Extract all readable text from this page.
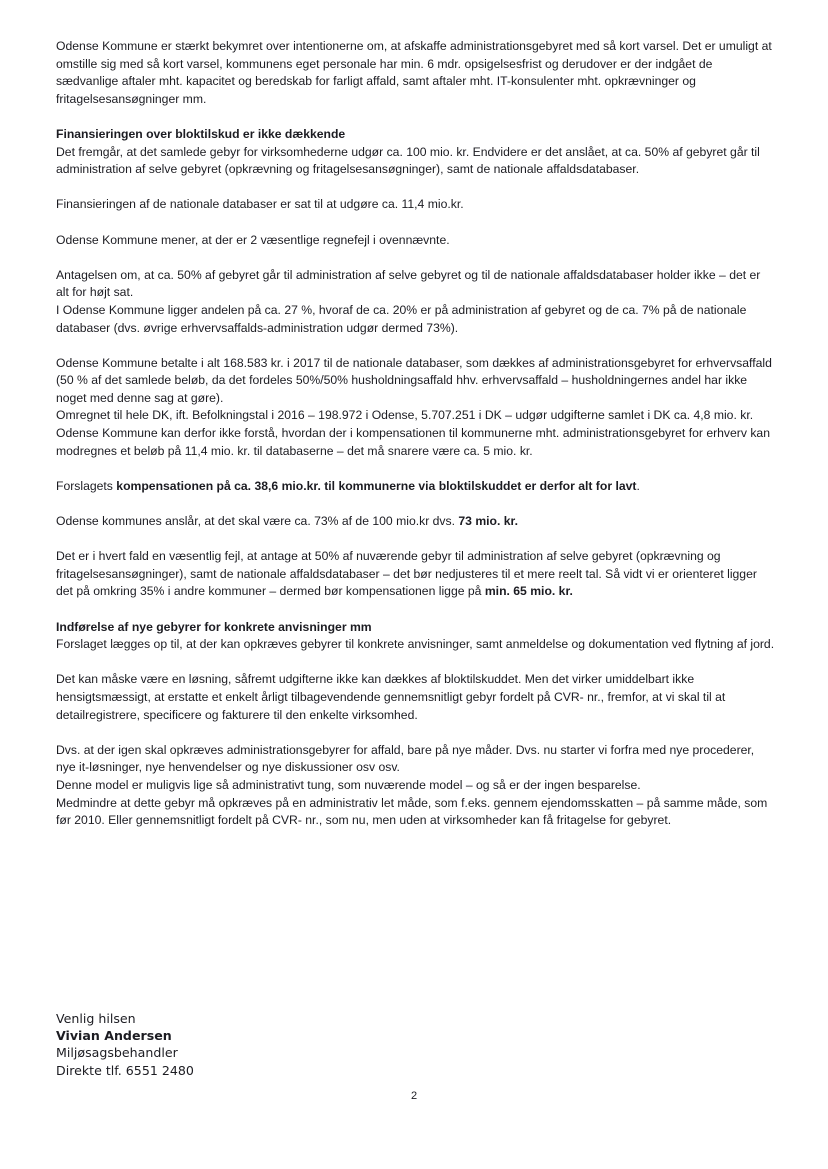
Odense Kommune er stærkt bekymret over intentionerne om, at afskaffe administrationsgebyret med så kort varsel. Det er umuligt at omstille sig med så kort varsel, kommunens eget personale har min. 6 mdr. opsigelsesfrist og derudover er der indgået de sædvanlige aftaler mht. kapacitet og beredskab for farligt affald, samt aftaler mht. IT-konsulenter mht. opkrævninger og fritagelsesansøgninger mm.

Finansieringen over bloktilskud er ikke dækkende

Det fremgår, at det samlede gebyr for virksomhederne udgør ca. 100 mio. kr. Endvidere er det anslået, at ca. 50% af gebyret går til administration af selve gebyret (opkrævning og fritagelsesansøgninger), samt de nationale affaldsdatabaser.

Finansieringen af de nationale databaser er sat til at udgøre ca. 11,4 mio.kr.

Odense Kommune mener, at der er 2 væsentlige regnefejl i ovennævnte.

Antagelsen om, at ca. 50% af gebyret går til administration af selve gebyret og til de nationale affaldsdatabaser holder ikke – det er alt for højt sat.

I Odense Kommune ligger andelen på ca. 27 %, hvoraf de ca. 20% er på administration af gebyret og de ca. 7% på de nationale databaser (dvs. øvrige erhvervsaffalds-administration udgør dermed 73%).

Odense Kommune betalte i alt 168.583 kr. i 2017 til de nationale databaser, som dækkes af administrationsgebyret for erhvervsaffald (50 % af det samlede beløb, da det fordeles 50%/50% husholdningsaffald hhv. erhvervsaffald – husholdningernes andel har ikke noget med denne sag at gøre).

Omregnet til hele DK, ift. Befolkningstal i 2016 – 198.972 i Odense, 5.707.251 i DK – udgør udgifterne samlet i DK ca. 4,8 mio. kr.

Odense Kommune kan derfor ikke forstå, hvordan der i kompensationen til kommunerne mht. administrationsgebyret for erhverv kan modregnes et beløb på 11,4 mio. kr. til databaserne – det må snarere være ca. 5 mio. kr.

Forslagets kompensationen på ca. 38,6 mio.kr. til kommunerne via bloktilskuddet er derfor alt for lavt.

Odense kommunes anslår, at det skal være ca. 73% af de 100 mio.kr dvs. 73 mio. kr.

Det er i hvert fald en væsentlig fejl, at antage at 50% af nuværende gebyr til administration af selve gebyret (opkrævning og fritagelsesansøgninger), samt de nationale affaldsdatabaser – det bør nedjusteres til et mere reelt tal. Så vidt vi er orienteret ligger det på omkring 35% i andre kommuner – dermed bør kompensationen ligge på min. 65 mio. kr.

Indførelse af nye gebyrer for konkrete anvisninger mm

Forslaget lægges op til, at der kan opkræves gebyrer til konkrete anvisninger, samt anmeldelse og dokumentation ved flytning af jord.

Det kan måske være en løsning, såfremt udgifterne ikke kan dækkes af bloktilskuddet. Men det virker umiddelbart ikke hensigtsmæssigt, at erstatte et enkelt årligt tilbagevendende gennemsnitligt gebyr fordelt på CVR- nr., fremfor, at vi skal til at detailregistrere, specificere og fakturere til den enkelte virksomhed.

Dvs. at der igen skal opkræves administrationsgebyrer for affald, bare på nye måder. Dvs. nu starter vi forfra med nye procederer, nye it-løsninger, nye henvendelser og nye diskussioner osv osv.

Denne model er muligvis lige så administrativt tung, som nuværende model – og så er der ingen besparelse.

Medmindre at dette gebyr må opkræves på en administrativ let måde, som f.eks. gennem ejendomsskatten – på samme måde, som før 2010. Eller gennemsnitligt fordelt på CVR- nr., som nu, men uden at virksomheder kan få fritagelse for gebyret.

Venlig hilsen
Vivian Andersen
Miljøsagsbehandler
Direkte tlf. 6551 2480
2
